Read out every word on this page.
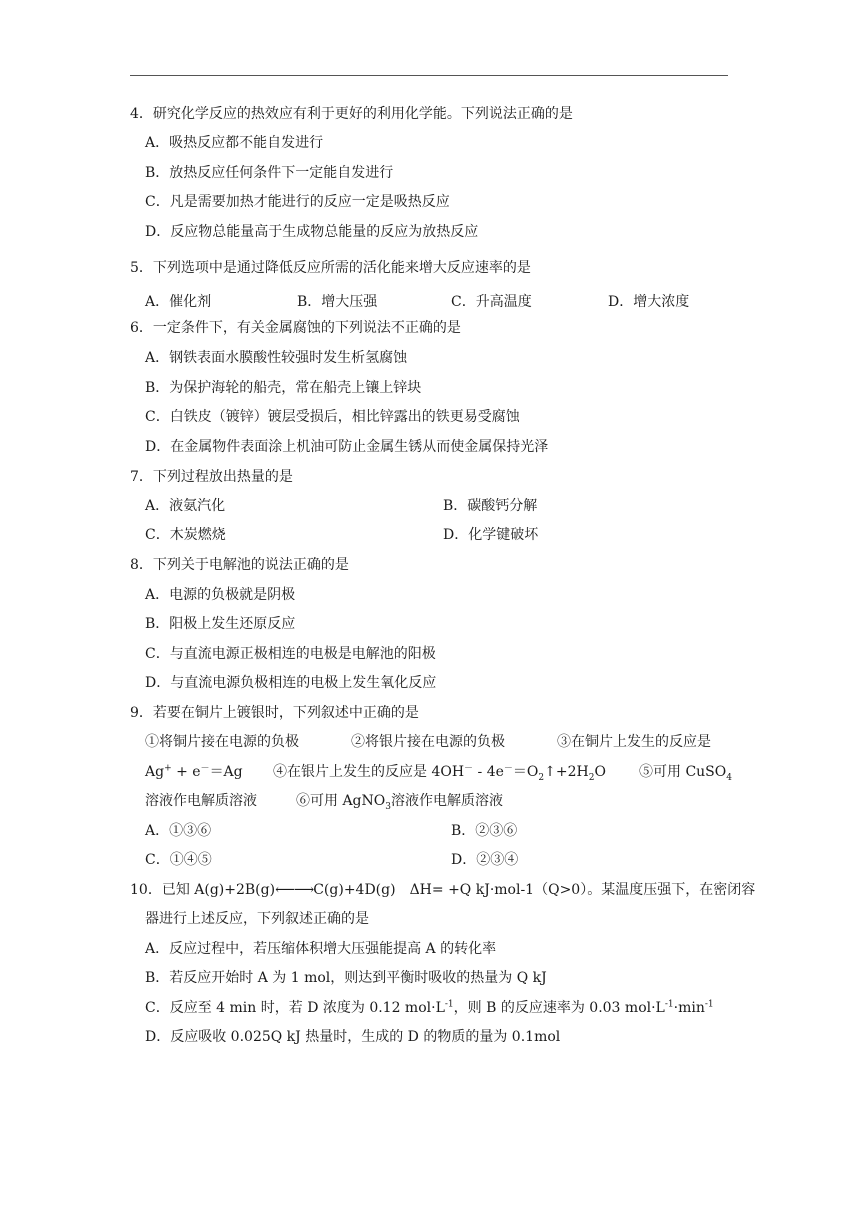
4．研究化学反应的热效应有利于更好的利用化学能。下列说法正确的是
A．吸热反应都不能自发进行
B．放热反应任何条件下一定能自发进行
C．凡是需要加热才能进行的反应一定是吸热反应
D．反应物总能量高于生成物总能量的反应为放热反应
5．下列选项中是通过降低反应所需的活化能来增大反应速率的是
A．催化剂	B．增大压强	C．升高温度	D．增大浓度
6．一定条件下，有关金属腐蚀的下列说法不正确的是
A．钢铁表面水膜酸性较强时发生析氢腐蚀
B．为保护海轮的船壳，常在船壳上镶上锌块
C．白铁皮（镀锌）镀层受损后，相比锌露出的铁更易受腐蚀
D．在金属物件表面涂上机油可防止金属生锈从而使金属保持光泽
7．下列过程放出热量的是
A．液氨汽化	B．碳酸钙分解
C．木炭燃烧	D．化学键破坏
8．下列关于电解池的说法正确的是
A．电源的负极就是阴极
B．阳极上发生还原反应
C．与直流电源正极相连的电极是电解池的阳极
D．与直流电源负极相连的电极上发生氧化反应
9．若要在铜片上镀银时，下列叙述中正确的是
①将铜片接在电源的负极	②将银片接在电源的负极	③在铜片上发生的反应是
Ag+ + e－＝Ag ④在银片上发生的反应是 4OH－ ‑ $4e^-=O_2↑+2H_2O$ ⑤可用 CuSO$_4$
溶液作电解质溶液	⑥可用 AgNO$_3$溶液作电解质溶液
A．①③⑥	B．②③⑥
C．①④⑤	D．②③④
10．已知 A(g)+2B(g)⟵⟶C(g)+4D(g)　ΔH= +Q kJ·mol-1（Q>0）。某温度压强下，在密闭容
器进行上述反应，下列叙述正确的是
A．反应过程中，若压缩体积增大压强能提高 A 的转化率
B．若反应开始时 A 为 1 mol，则达到平衡时吸收的热量为 Q kJ
C．反应至 4 min 时，若 D 浓度为 0.12 $mol\cdot L^{-1}$，则 B 的反应速率为 0.03 $mol\cdot L^{-1}\cdot\min^{-1}$
D．反应吸收 0.025Q kJ 热量时，生成的 D 的物质的量为 0.1mol
